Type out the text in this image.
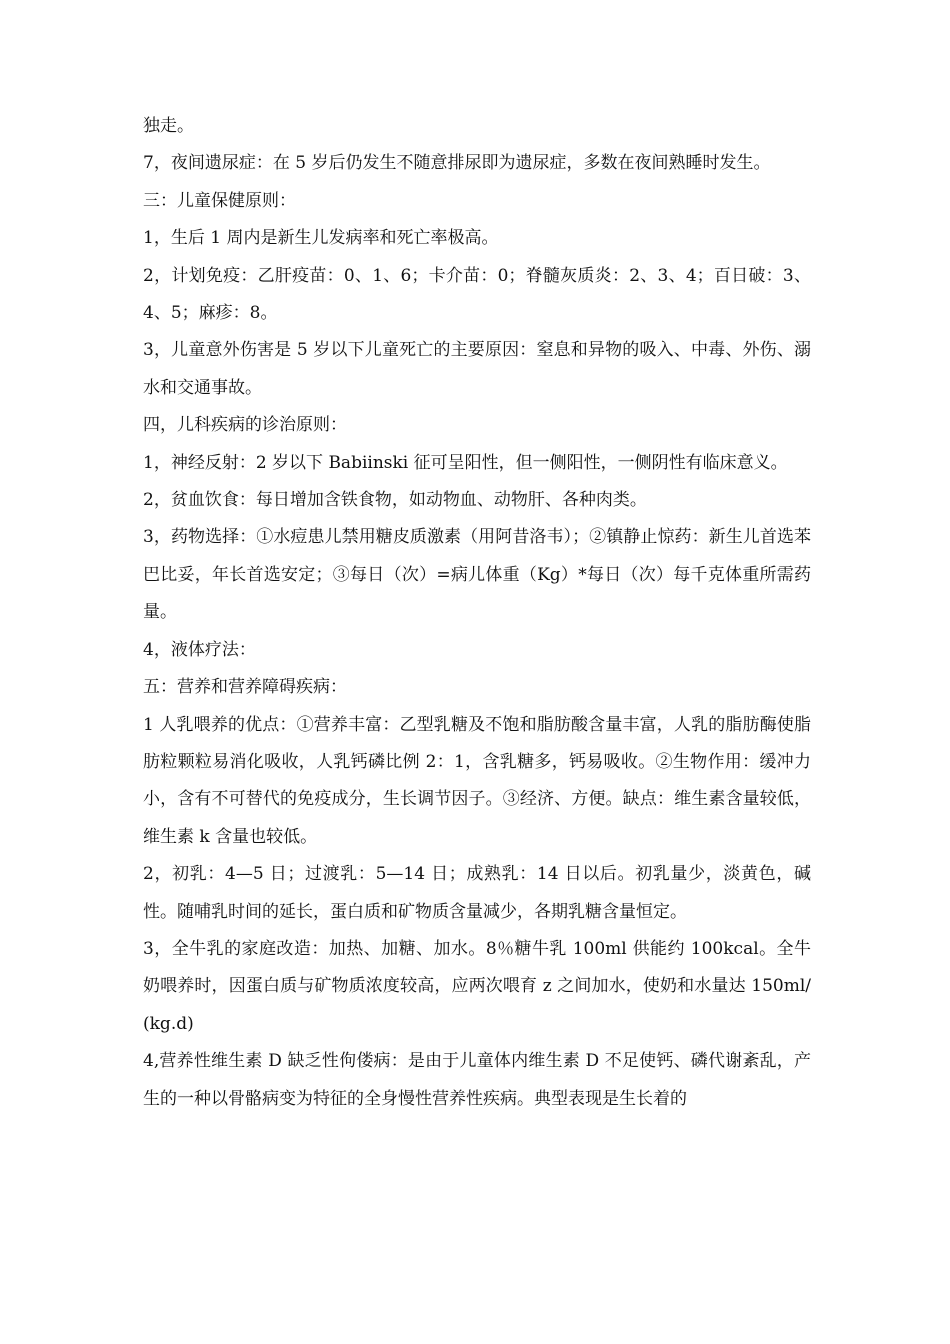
独走。

7，夜间遗尿症：在 5 岁后仍发生不随意排尿即为遗尿症，多数在夜间熟睡时发生。

三：儿童保健原则：

1，生后 1 周内是新生儿发病率和死亡率极高。

2，计划免疫：乙肝疫苗：0、1、6；卡介苗：0；脊髓灰质炎：2、3、4；百日破：3、4、5；麻疹：8。

3，儿童意外伤害是 5 岁以下儿童死亡的主要原因：窒息和异物的吸入、中毒、外伤、溺水和交通事故。

四，儿科疾病的诊治原则：

1，神经反射：2 岁以下 Babiinski 征可呈阳性，但一侧阳性，一侧阴性有临床意义。

2，贫血饮食：每日增加含铁食物，如动物血、动物肝、各种肉类。

3，药物选择：①水痘患儿禁用糖皮质激素（用阿昔洛韦）；②镇静止惊药：新生儿首选苯巴比妥，年长首选安定；③每日（次）=病儿体重（Kg）*每日（次）每千克体重所需药量。

4，液体疗法：

五：营养和营养障碍疾病：

1 人乳喂养的优点：①营养丰富：乙型乳糖及不饱和脂肪酸含量丰富，人乳的脂肪酶使脂肪粒颗粒易消化吸收，人乳钙磷比例 2：1，含乳糖多，钙易吸收。②生物作用：缓冲力小，含有不可替代的免疫成分，生长调节因子。③经济、方便。缺点：维生素含量较低，维生素 k 含量也较低。

2，初乳：4—5 日；过渡乳：5—14 日；成熟乳：14 日以后。初乳量少，淡黄色，碱性。随哺乳时间的延长，蛋白质和矿物质含量减少，各期乳糖含量恒定。

3，全牛乳的家庭改造：加热、加糖、加水。8％糖牛乳 100ml 供能约 100kcal。全牛奶喂养时，因蛋白质与矿物质浓度较高，应两次喂育 z 之间加水，使奶和水量达 150ml/(kg.d)

4,营养性维生素 D 缺乏性佝偻病：是由于儿童体内维生素 D 不足使钙、磷代谢紊乱，产生的一种以骨骼病变为特征的全身慢性营养性疾病。典型表现是生长着的
